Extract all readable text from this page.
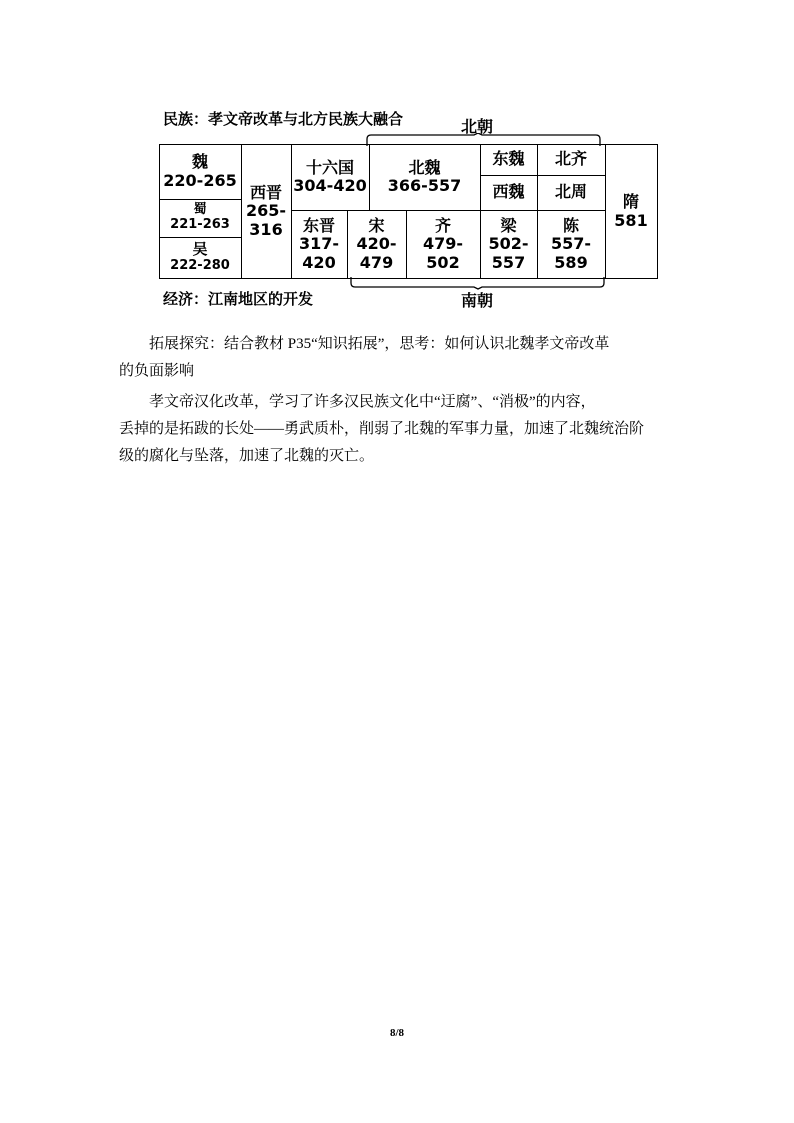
民族：孝文帝改革与北方民族大融合	北朝
魏
220-265
蜀
221-263
吴
222-280
西晋
265-
316
十六国
304-420
东晋
317-
420
北魏
366-557
宋
420-
479
齐
479-
502
东魏
西魏
北齐
北周
梁
502-
557
陈
557-
589
隋
581
经济：江南地区的开发	南朝
拓展探究：结合教材 P35“知识拓展”，思考：如何认识北魏孝文帝改革
的负面影响
孝文帝汉化改革，学习了许多汉民族文化中“迂腐”、“消极”的内容，
丢掉的是拓跋的长处——勇武质朴，削弱了北魏的军事力量，加速了北魏统治阶
级的腐化与坠落，加速了北魏的灭亡。
8/8
